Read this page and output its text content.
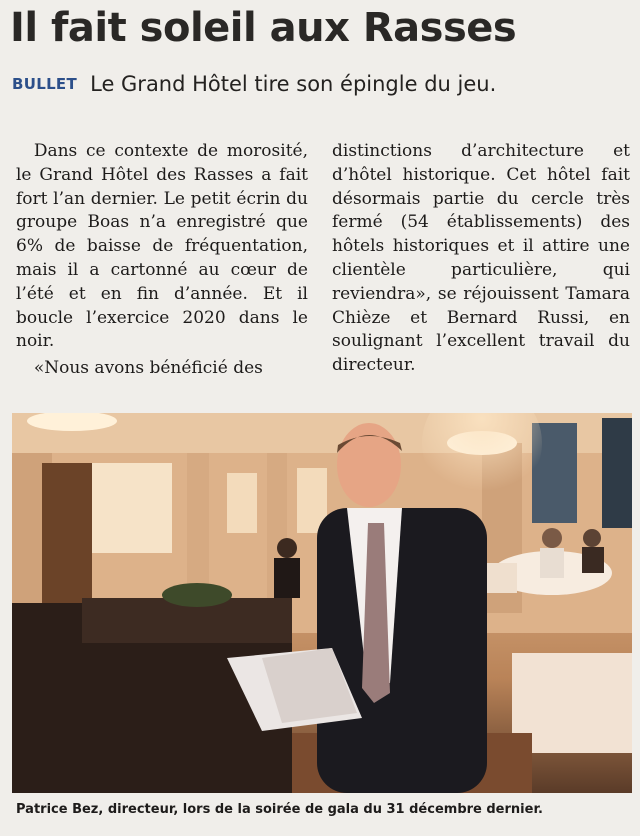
Il fait soleil aux Rasses
BULLET Le Grand Hôtel tire son épingle du jeu.

Dans ce contexte de morosité, le Grand Hôtel des Rasses a fait fort l’an dernier. Le petit écrin du groupe Boas n’a enregistré que 6% de baisse de fréquentation, mais il a cartonné au cœur de l’été et en fin d’année. Et il boucle l’exercice 2020 dans le noir.

«Nous avons bénéficié des

distinctions d’architecture et d’hôtel historique. Cet hôtel fait désormais partie du cercle très fermé (54 établissements) des hôtels historiques et il attire une clientèle particulière, qui reviendra», se réjouissent Tamara Chièze et Bernard Russi, en soulignant l’excellent travail du directeur.

Patrice Bez, directeur, lors de la soirée de gala du 31 décembre dernier.
